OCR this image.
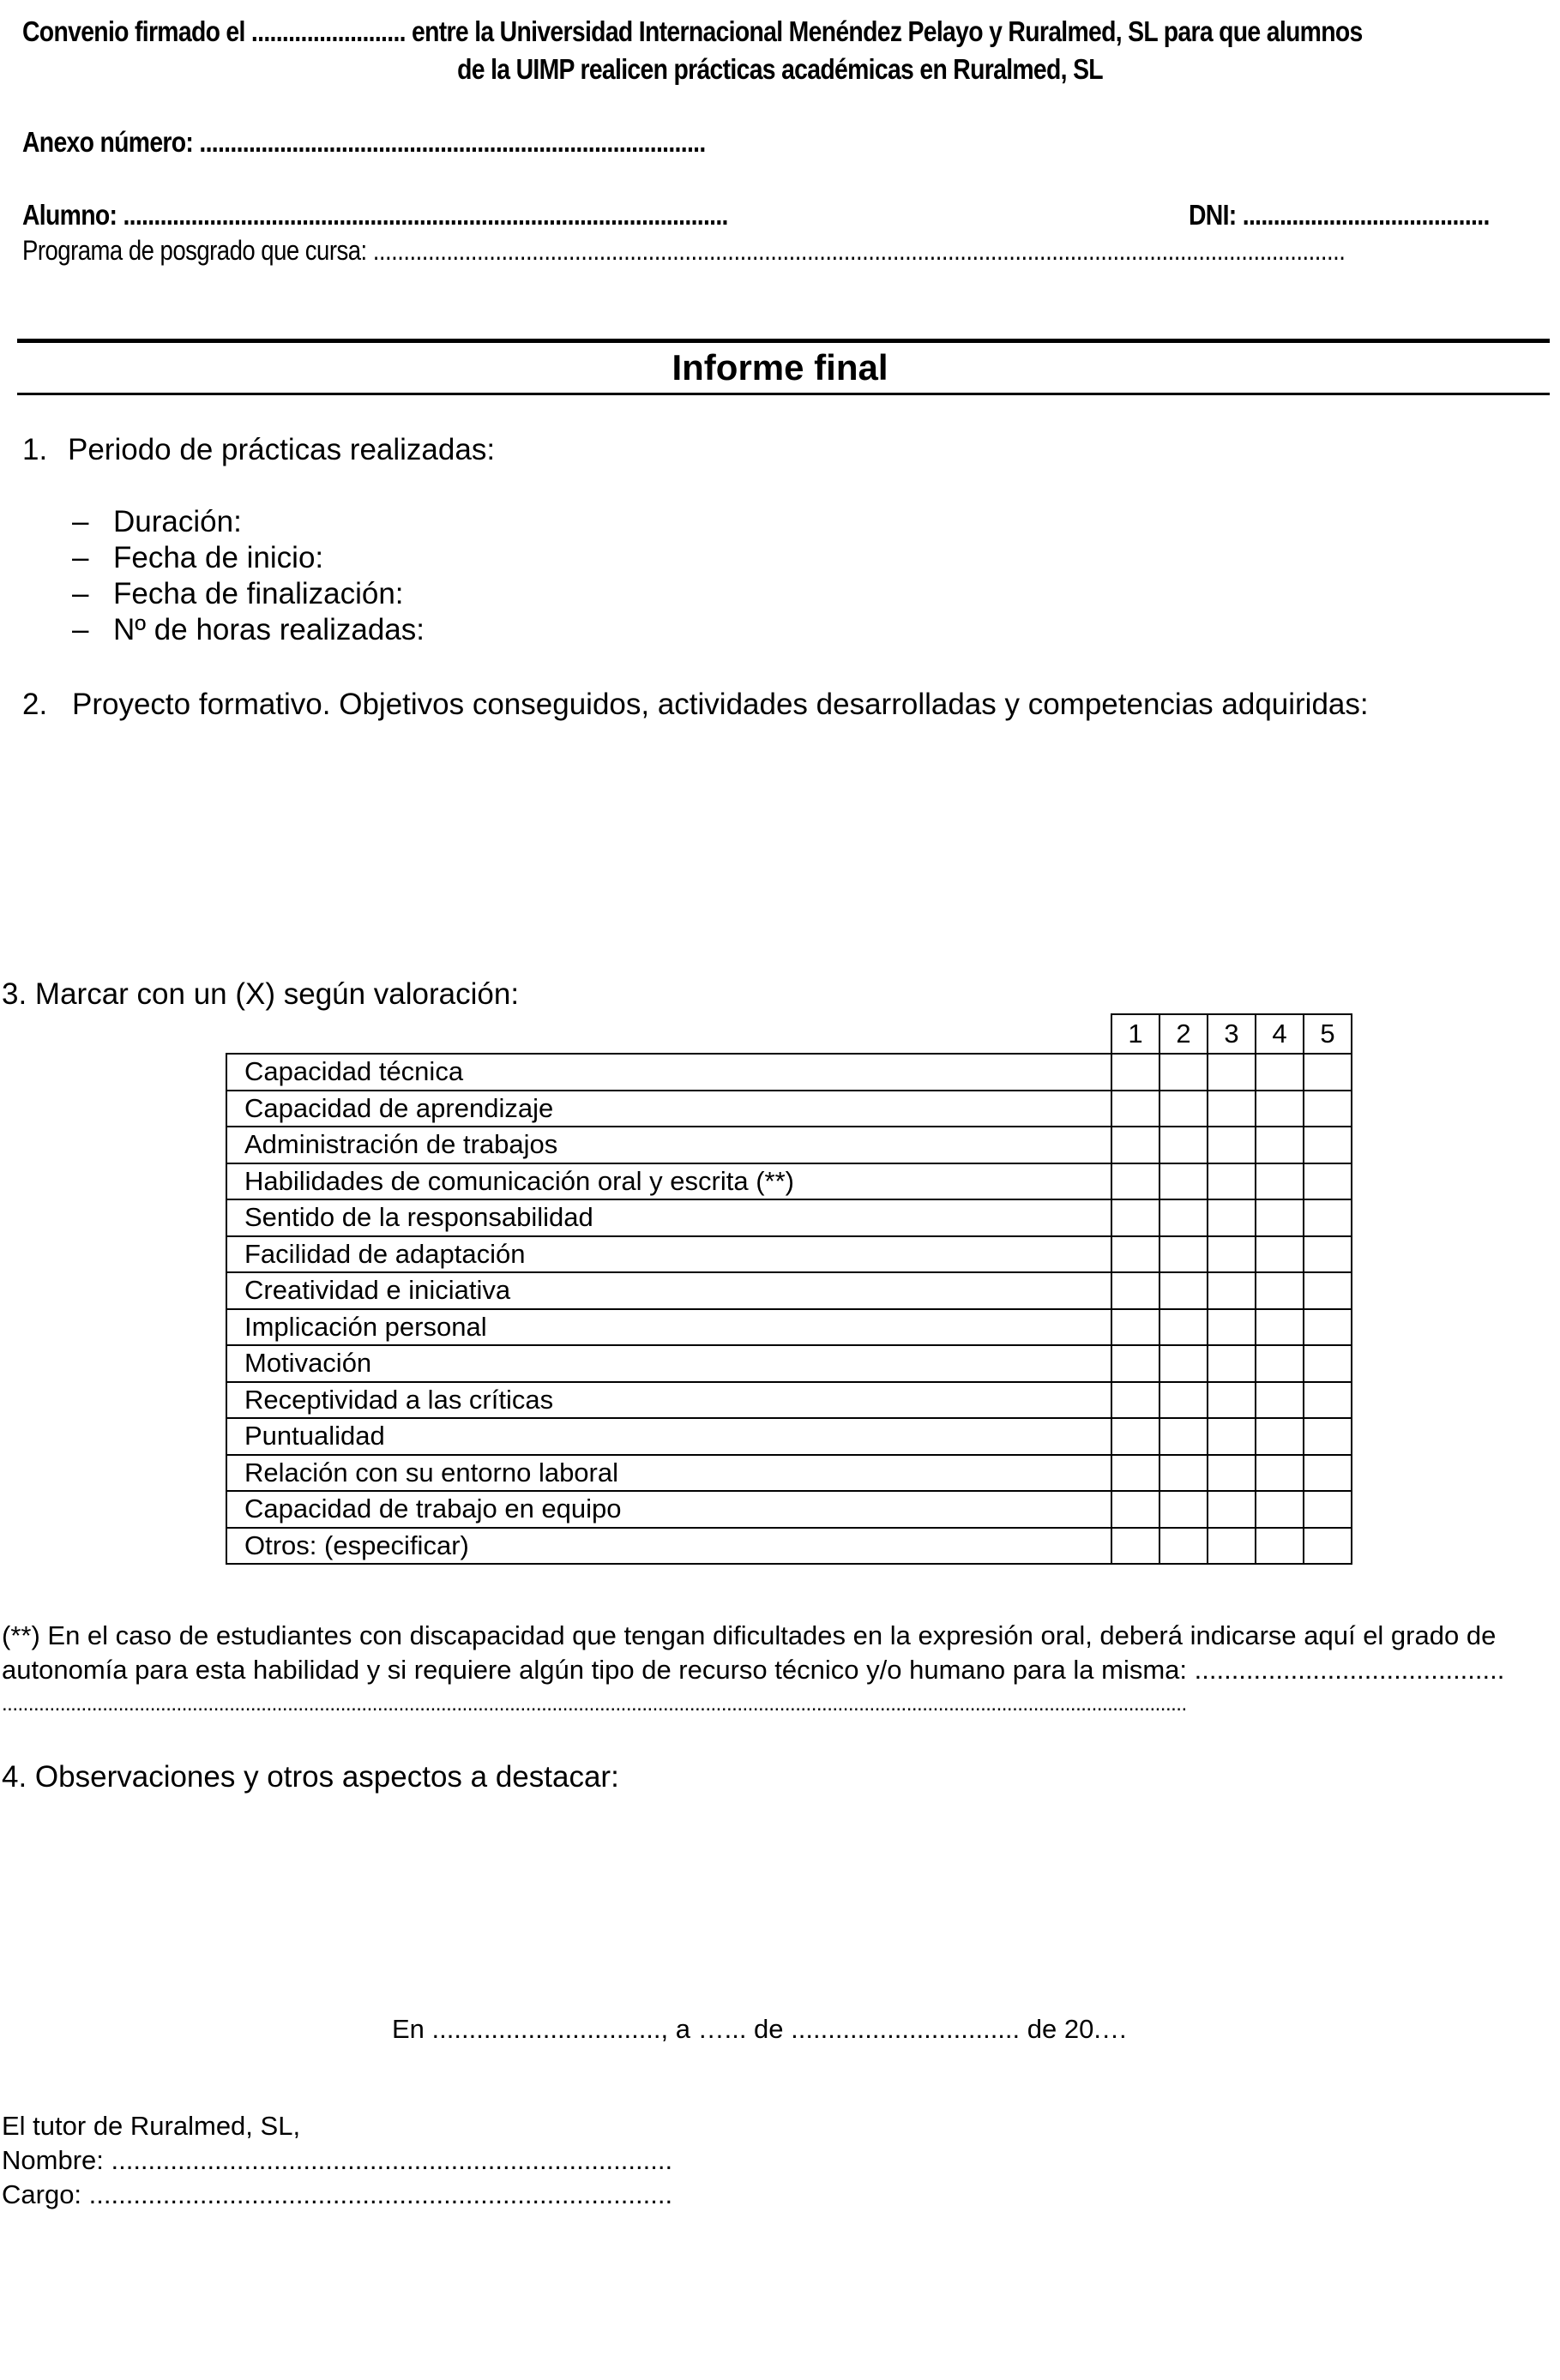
Convenio firmado el ......................... entre la Universidad Internacional Menéndez Pelayo y Ruralmed, SL para que alumnos
de la UIMP realicen prácticas académicas en Ruralmed, SL
Anexo número: ..................................................................................
Alumno: ..................................................................................................	DNI: ........................................
Programa de posgrado que cursa: ...............................................................................................................................................................
Informe final
1. Periodo de prácticas realizadas:
– Duración:
– Fecha de inicio:
– Fecha de finalización:
– Nº de horas realizadas:
2. Proyecto formativo. Objetivos conseguidos, actividades desarrolladas y competencias adquiridas:
3. Marcar con un (X) según valoración:
	1	2	3	4	5
Capacidad técnica					
Capacidad de aprendizaje					
Administración de trabajos					
Habilidades de comunicación oral y escrita (**)					
Sentido de la responsabilidad					
Facilidad de adaptación					
Creatividad e iniciativa					
Implicación personal					
Motivación					
Receptividad a las críticas					
Puntualidad					
Relación con su entorno laboral					
Capacidad de trabajo en equipo					
Otros: (especificar)					
(**) En el caso de estudiantes con discapacidad que tengan dificultades en la expresión oral, deberá indicarse aquí el grado de
autonomía para esta habilidad y si requiere algún tipo de recurso técnico y/o humano para la misma: ..........................................
................................................................................................................................................................................................................................
4. Observaciones y otros aspectos a destacar:
En ..............................., a …... de ............................... de 20.…
El tutor de Ruralmed, SL,
Nombre: ............................................................................
Cargo: ...............................................................................
